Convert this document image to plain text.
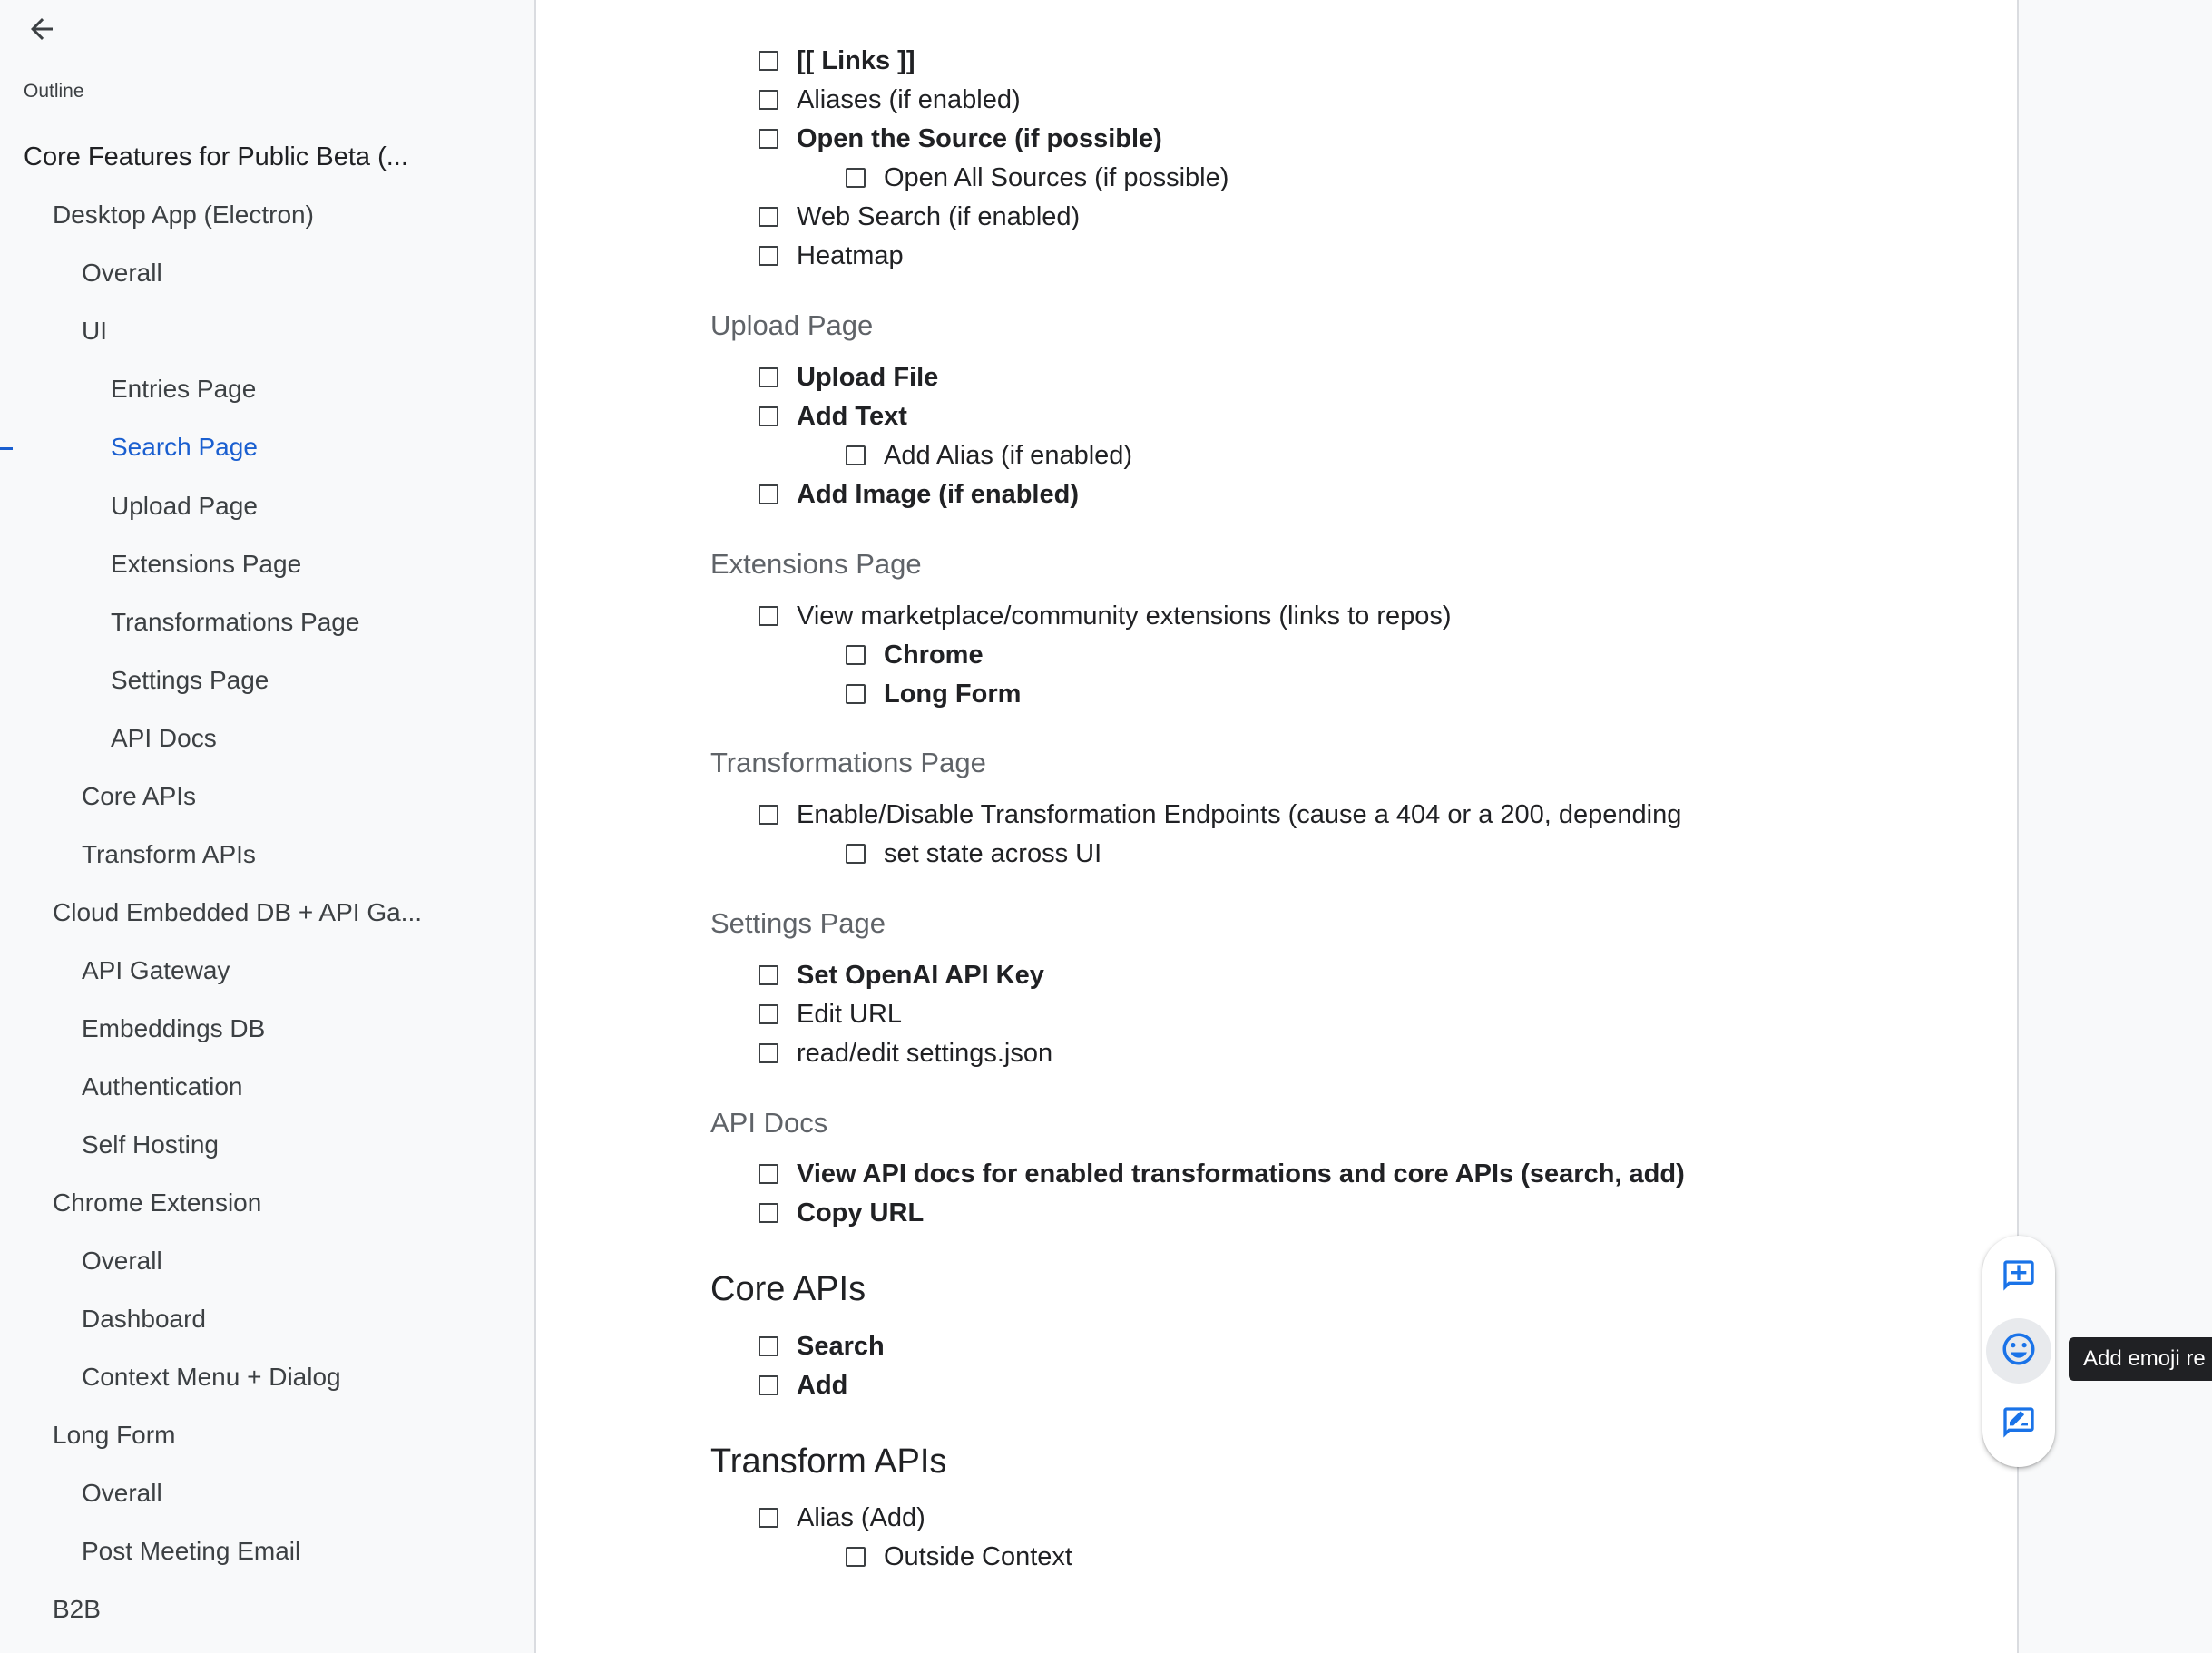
Outline
Core Features for Public Beta (...
Desktop App (Electron)
Overall
UI
Entries Page
Search Page
Upload Page
Extensions Page
Transformations Page
Settings Page
API Docs
Core APIs
Transform APIs
Cloud Embedded DB + API Ga...
API Gateway
Embeddings DB
Authentication
Self Hosting
Chrome Extension
Overall
Dashboard
Context Menu + Dialog
Long Form
Overall
Post Meeting Email
B2B
[[ Links ]]
Aliases (if enabled)
Open the Source (if possible)
Open All Sources (if possible)
Web Search (if enabled)
Heatmap
Upload Page
Upload File
Add Text
Add Alias (if enabled)
Add Image (if enabled)
Extensions Page
View marketplace/community extensions (links to repos)
Chrome
Long Form
Transformations Page
Enable/Disable Transformation Endpoints (cause a 404 or a 200, depending
set state across UI
Settings Page
Set OpenAI API Key
Edit URL
read/edit settings.json
API Docs
View API docs for enabled transformations and core APIs (search, add)
Copy URL
Core APIs
Search
Add
Transform APIs
Alias (Add)
Outside Context
Add emoji re
